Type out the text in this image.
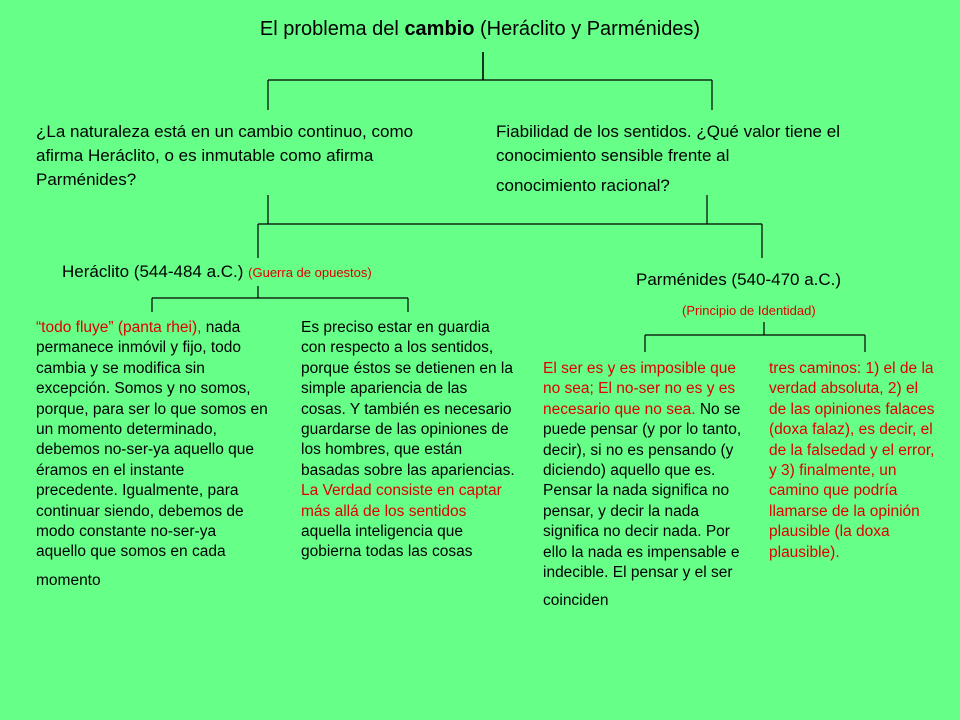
El problema del cambio (Heráclito y Parménides)
¿La naturaleza está en un cambio continuo, como afirma Heráclito, o es inmutable como afirma Parménides?
Fiabilidad de los sentidos. ¿Qué valor tiene el conocimiento sensible frente al
conocimiento racional?
Heráclito (544-484 a.C.) (Guerra de opuestos)	Parménides (540-470 a.C.)
(Principio de Identidad)
“todo fluye” (panta rhei), nada permanece inmóvil y fijo, todo cambia y se modifica sin excepción. Somos y no somos, porque, para ser lo que somos en un momento determinado, debemos no-ser-ya aquello que éramos en el instante precedente. Igualmente, para continuar siendo, debemos de modo constante no-ser-ya aquello que somos en cada
momento
Es preciso estar en guardia con respecto a los sentidos, porque éstos se detienen en la simple apariencia de las cosas. Y también es necesario guardarse de las opiniones de los hombres, que están basadas sobre las apariencias. La Verdad consiste en captar más allá de los sentidos aquella inteligencia que gobierna todas las cosas
El ser es y es imposible que no sea; El no-ser no es y es necesario que no sea. No se puede pensar (y por lo tanto, decir), si no es pensando (y diciendo) aquello que es. Pensar la nada significa no pensar, y decir la nada significa no decir nada. Por ello la nada es impensable e indecible. El pensar y el ser
coinciden
tres caminos: 1) el de la verdad absoluta, 2) el de las opiniones falaces (doxa falaz), es decir, el de la falsedad y el error, y 3) finalmente, un camino que podría llamarse de la opinión plausible (la doxa plausible).
